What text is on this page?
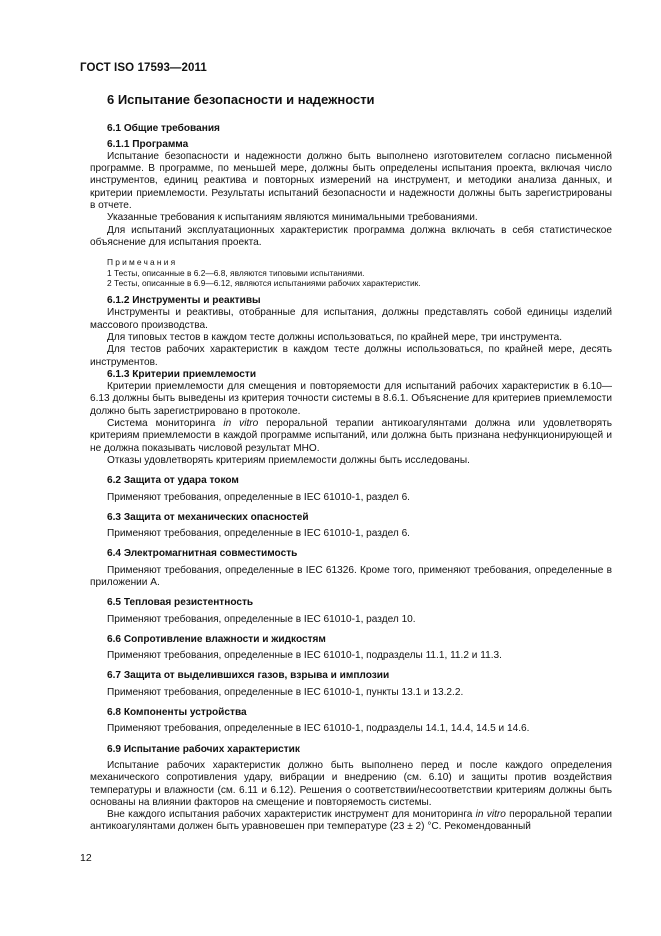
ГОСТ ISO 17593—2011
6 Испытание безопасности и надежности
6.1 Общие требования
6.1.1 Программа

Испытание безопасности и надежности должно быть выполнено изготовителем согласно письменной программе. В программе, по меньшей мере, должны быть определены испытания проекта, включая число инструментов, единиц реактива и повторных измерений на инструмент, и методики анализа данных, и критерии приемлемости. Результаты испытаний безопасности и надежности должны быть зарегистрированы в отчете.

Указанные требования к испытаниям являются минимальными требованиями.

Для испытаний эксплуатационных характеристик программа должна включать в себя статистическое объяснение для испытания проекта.

Примечания
1 Тесты, описанные в 6.2—6.8, являются типовыми испытаниями.
2 Тесты, описанные в 6.9—6.12, являются испытаниями рабочих характеристик.
6.1.2 Инструменты и реактивы

Инструменты и реактивы, отобранные для испытания, должны представлять собой единицы изделий массового производства.

Для типовых тестов в каждом тесте должны использоваться, по крайней мере, три инструмента.

Для тестов рабочих характеристик в каждом тесте должны использоваться, по крайней мере, десять инструментов.

6.1.3 Критерии приемлемости

Критерии приемлемости для смещения и повторяемости для испытаний рабочих характеристик в 6.10—6.13 должны быть выведены из критерия точности системы в 8.6.1. Объяснение для критериев приемлемости должно быть зарегистрировано в протоколе.

Система мониторинга in vitro пероральной терапии антикоагулянтами должна или удовлетворять критериям приемлемости в каждой программе испытаний, или должна быть признана нефункционирующей и не должна показывать числовой результат МНО.

Отказы удовлетворять критериям приемлемости должны быть исследованы.

6.2 Защита от удара током

Применяют требования, определенные в IEC 61010-1, раздел 6.

6.3 Защита от механических опасностей

Применяют требования, определенные в IEC 61010-1, раздел 6.

6.4 Электромагнитная совместимость

Применяют требования, определенные в IEC 61326. Кроме того, применяют требования, определенные в приложении А.

6.5 Тепловая резистентность

Применяют требования, определенные в IEC 61010-1, раздел 10.

6.6 Сопротивление влажности и жидкостям

Применяют требования, определенные в IEC 61010-1, подразделы 11.1, 11.2 и 11.3.

6.7 Защита от выделившихся газов, взрыва и имплозии

Применяют требования, определенные в IEC 61010-1, пункты 13.1 и 13.2.2.

6.8 Компоненты устройства

Применяют требования, определенные в IEC 61010-1, подразделы 14.1, 14.4, 14.5 и 14.6.

6.9 Испытание рабочих характеристик

Испытание рабочих характеристик должно быть выполнено перед и после каждого определения механического сопротивления удару, вибрации и внедрению (см. 6.10) и защиты против воздействия температуры и влажности (см. 6.11 и 6.12). Решения о соответствии/несоответствии критериям должны быть основаны на влиянии факторов на смещение и повторяемость системы.

Вне каждого испытания рабочих характеристик инструмент для мониторинга in vitro пероральной терапии антикоагулянтами должен быть уравновешен при температуре (23 ± 2) °С. Рекомендованный

12
